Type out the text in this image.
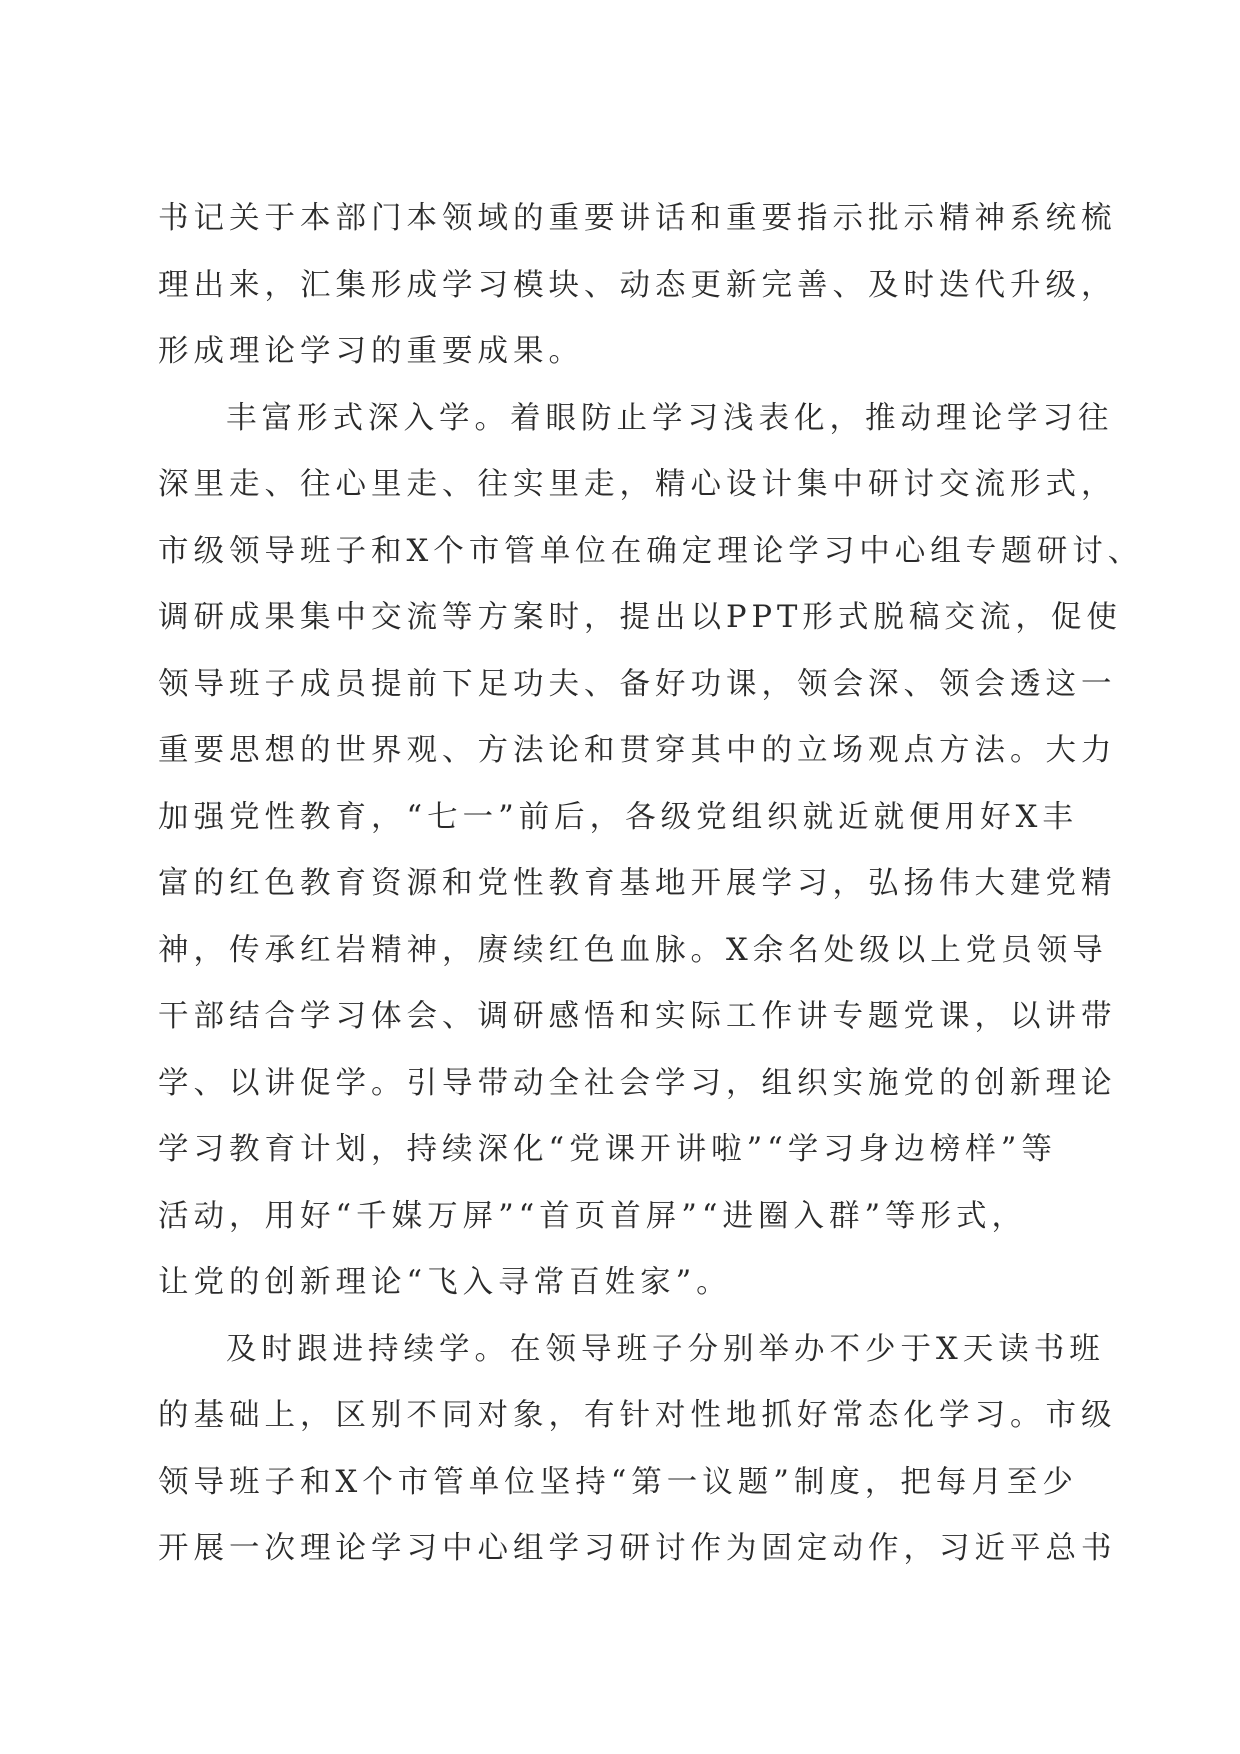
书记关于本部门本领域的重要讲话和重要指示批示精神系统梳
理出来，汇集形成学习模块、动态更新完善、及时迭代升级，
形成理论学习的重要成果。

丰富形式深入学。着眼防止学习浅表化，推动理论学习往
深里走、往心里走、往实里走，精心设计集中研讨交流形式，
市级领导班子和X个市管单位在确定理论学习中心组专题研讨、
调研成果集中交流等方案时，提出以PPT形式脱稿交流，促使
领导班子成员提前下足功夫、备好功课，领会深、领会透这一
重要思想的世界观、方法论和贯穿其中的立场观点方法。大力
加强党性教育，“七一”前后，各级党组织就近就便用好X丰
富的红色教育资源和党性教育基地开展学习，弘扬伟大建党精
神，传承红岩精神，赓续红色血脉。X余名处级以上党员领导
干部结合学习体会、调研感悟和实际工作讲专题党课，以讲带
学、以讲促学。引导带动全社会学习，组织实施党的创新理论
学习教育计划，持续深化“党课开讲啦”“学习身边榜样”等
活动，用好“千媒万屏”“首页首屏”“进圈入群”等形式，
让党的创新理论“飞入寻常百姓家”。

及时跟进持续学。在领导班子分别举办不少于X天读书班
的基础上，区别不同对象，有针对性地抓好常态化学习。市级
领导班子和X个市管单位坚持“第一议题”制度，把每月至少
开展一次理论学习中心组学习研讨作为固定动作，习近平总书
